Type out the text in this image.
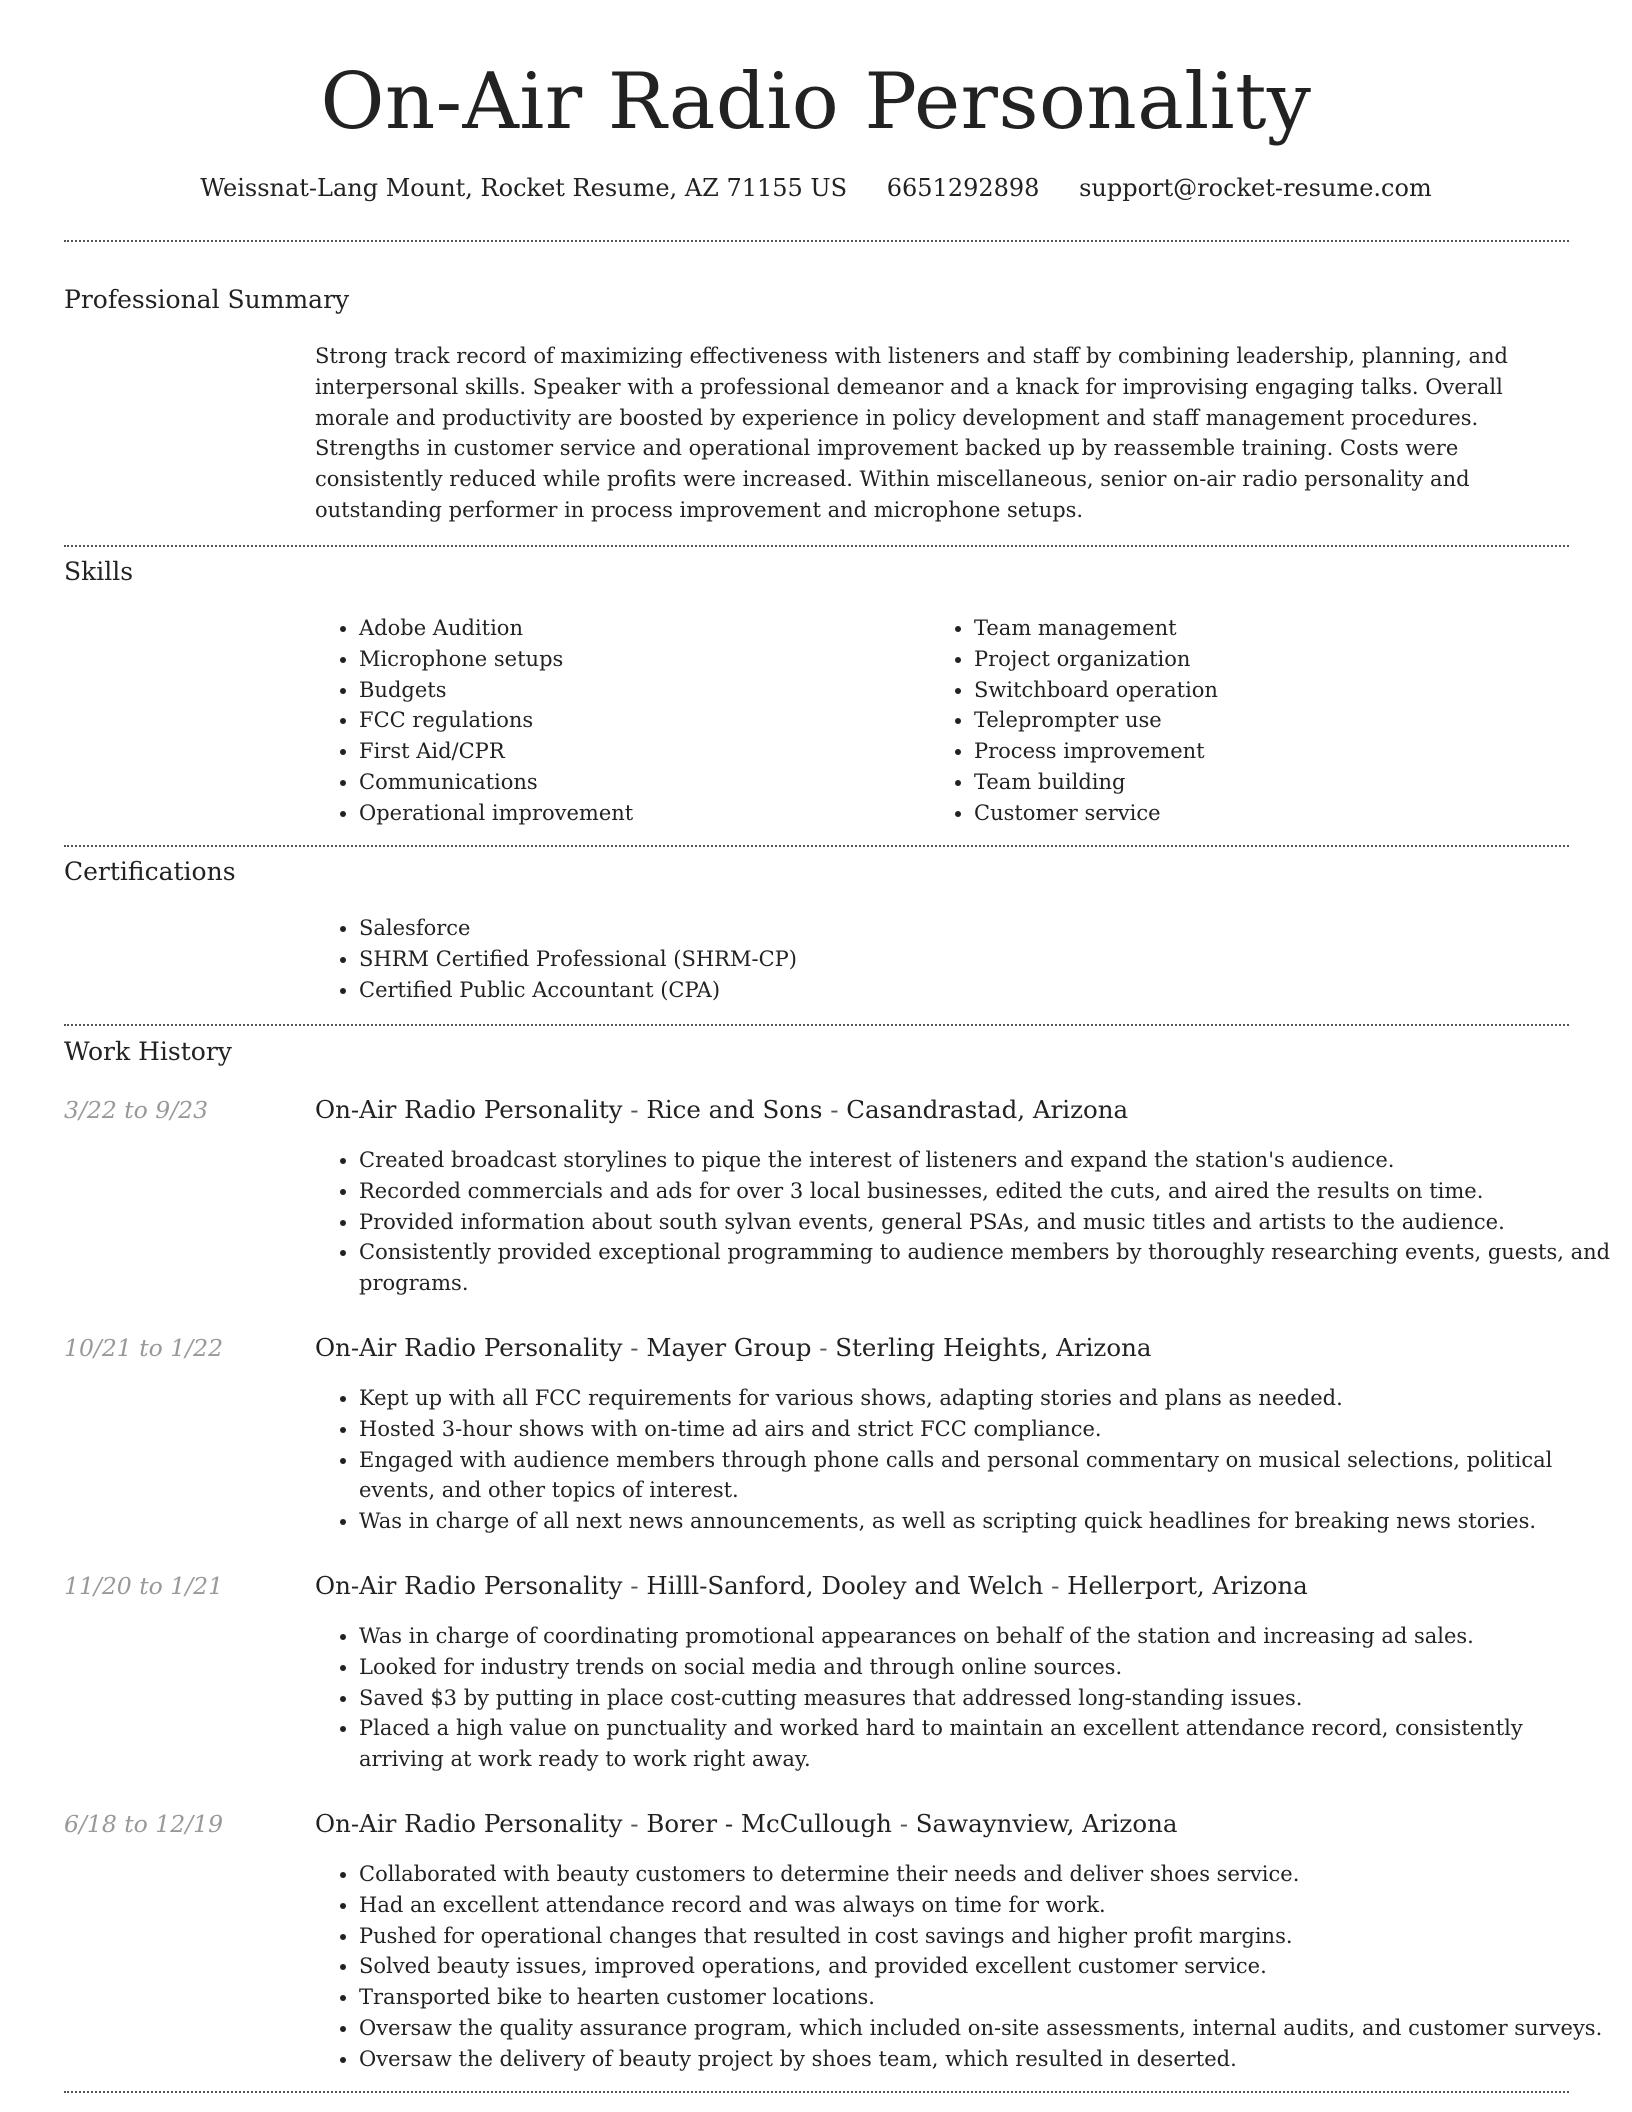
On-Air Radio Personality
Weissnat-Lang Mount, Rocket Resume, AZ 71155 US 6651292898 support@rocket-resume.com
Professional Summary
Strong track record of maximizing effectiveness with listeners and staff by combining leadership, planning, and interpersonal skills. Speaker with a professional demeanor and a knack for improvising engaging talks. Overall morale and productivity are boosted by experience in policy development and staff management procedures. Strengths in customer service and operational improvement backed up by reassemble training. Costs were consistently reduced while profits were increased. Within miscellaneous, senior on-air radio personality and outstanding performer in process improvement and microphone setups.
Skills
• Adobe Audition
• Microphone setups
• Budgets
• FCC regulations
• First Aid/CPR
• Communications
• Operational improvement
• Team management
• Project organization
• Switchboard operation
• Teleprompter use
• Process improvement
• Team building
• Customer service
Certifications
• Salesforce
• SHRM Certified Professional (SHRM-CP)
• Certified Public Accountant (CPA)
Work History
3/22 to 9/23	On-Air Radio Personality - Rice and Sons - Casandrastad, Arizona
• Created broadcast storylines to pique the interest of listeners and expand the station's audience.
• Recorded commercials and ads for over 3 local businesses, edited the cuts, and aired the results on time.
• Provided information about south sylvan events, general PSAs, and music titles and artists to the audience.
• Consistently provided exceptional programming to audience members by thoroughly researching events, guests, and programs.
10/21 to 1/22	On-Air Radio Personality - Mayer Group - Sterling Heights, Arizona
• Kept up with all FCC requirements for various shows, adapting stories and plans as needed.
• Hosted 3-hour shows with on-time ad airs and strict FCC compliance.
• Engaged with audience members through phone calls and personal commentary on musical selections, political events, and other topics of interest.
• Was in charge of all next news announcements, as well as scripting quick headlines for breaking news stories.
11/20 to 1/21	On-Air Radio Personality - Hilll-Sanford, Dooley and Welch - Hellerport, Arizona
• Was in charge of coordinating promotional appearances on behalf of the station and increasing ad sales.
• Looked for industry trends on social media and through online sources.
• Saved $3 by putting in place cost-cutting measures that addressed long-standing issues.
• Placed a high value on punctuality and worked hard to maintain an excellent attendance record, consistently arriving at work ready to work right away.
6/18 to 12/19	On-Air Radio Personality - Borer - McCullough - Sawaynview, Arizona
• Collaborated with beauty customers to determine their needs and deliver shoes service.
• Had an excellent attendance record and was always on time for work.
• Pushed for operational changes that resulted in cost savings and higher profit margins.
• Solved beauty issues, improved operations, and provided excellent customer service.
• Transported bike to hearten customer locations.
• Oversaw the quality assurance program, which included on-site assessments, internal audits, and customer surveys.
• Oversaw the delivery of beauty project by shoes team, which resulted in deserted.
